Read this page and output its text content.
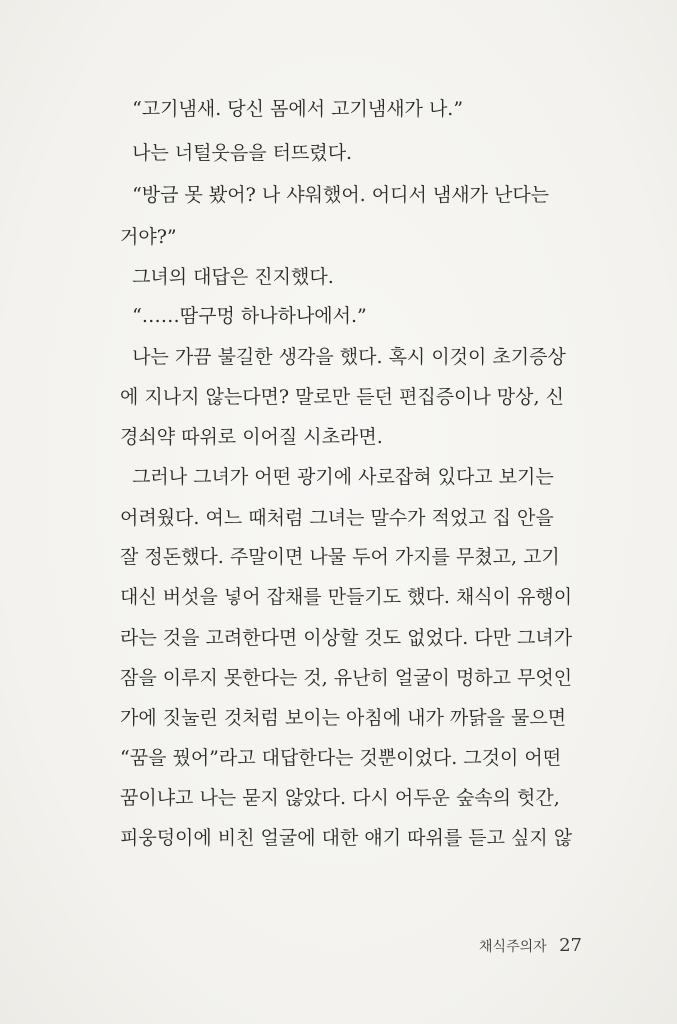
“고기냄새. 당신 몸에서 고기냄새가 나.”
나는 너털웃음을 터뜨렸다.
“방금 못 봤어? 나 샤워했어. 어디서 냄새가 난다는
거야?”
그녀의 대답은 진지했다.
“……땀구멍 하나하나에서.”
나는 가끔 불길한 생각을 했다. 혹시 이것이 초기증상
에 지나지 않는다면? 말로만 듣던 편집증이나 망상, 신
경쇠약 따위로 이어질 시초라면.
그러나 그녀가 어떤 광기에 사로잡혀 있다고 보기는
어려웠다. 여느 때처럼 그녀는 말수가 적었고 집 안을
잘 정돈했다. 주말이면 나물 두어 가지를 무쳤고, 고기
대신 버섯을 넣어 잡채를 만들기도 했다. 채식이 유행이
라는 것을 고려한다면 이상할 것도 없었다. 다만 그녀가
잠을 이루지 못한다는 것, 유난히 얼굴이 멍하고 무엇인
가에 짓눌린 것처럼 보이는 아침에 내가 까닭을 물으면
“꿈을 꿨어”라고 대답한다는 것뿐이었다. 그것이 어떤
꿈이냐고 나는 묻지 않았다. 다시 어두운 숲속의 헛간,
피웅덩이에 비친 얼굴에 대한 얘기 따위를 듣고 싶지 않
채식주의자 27
